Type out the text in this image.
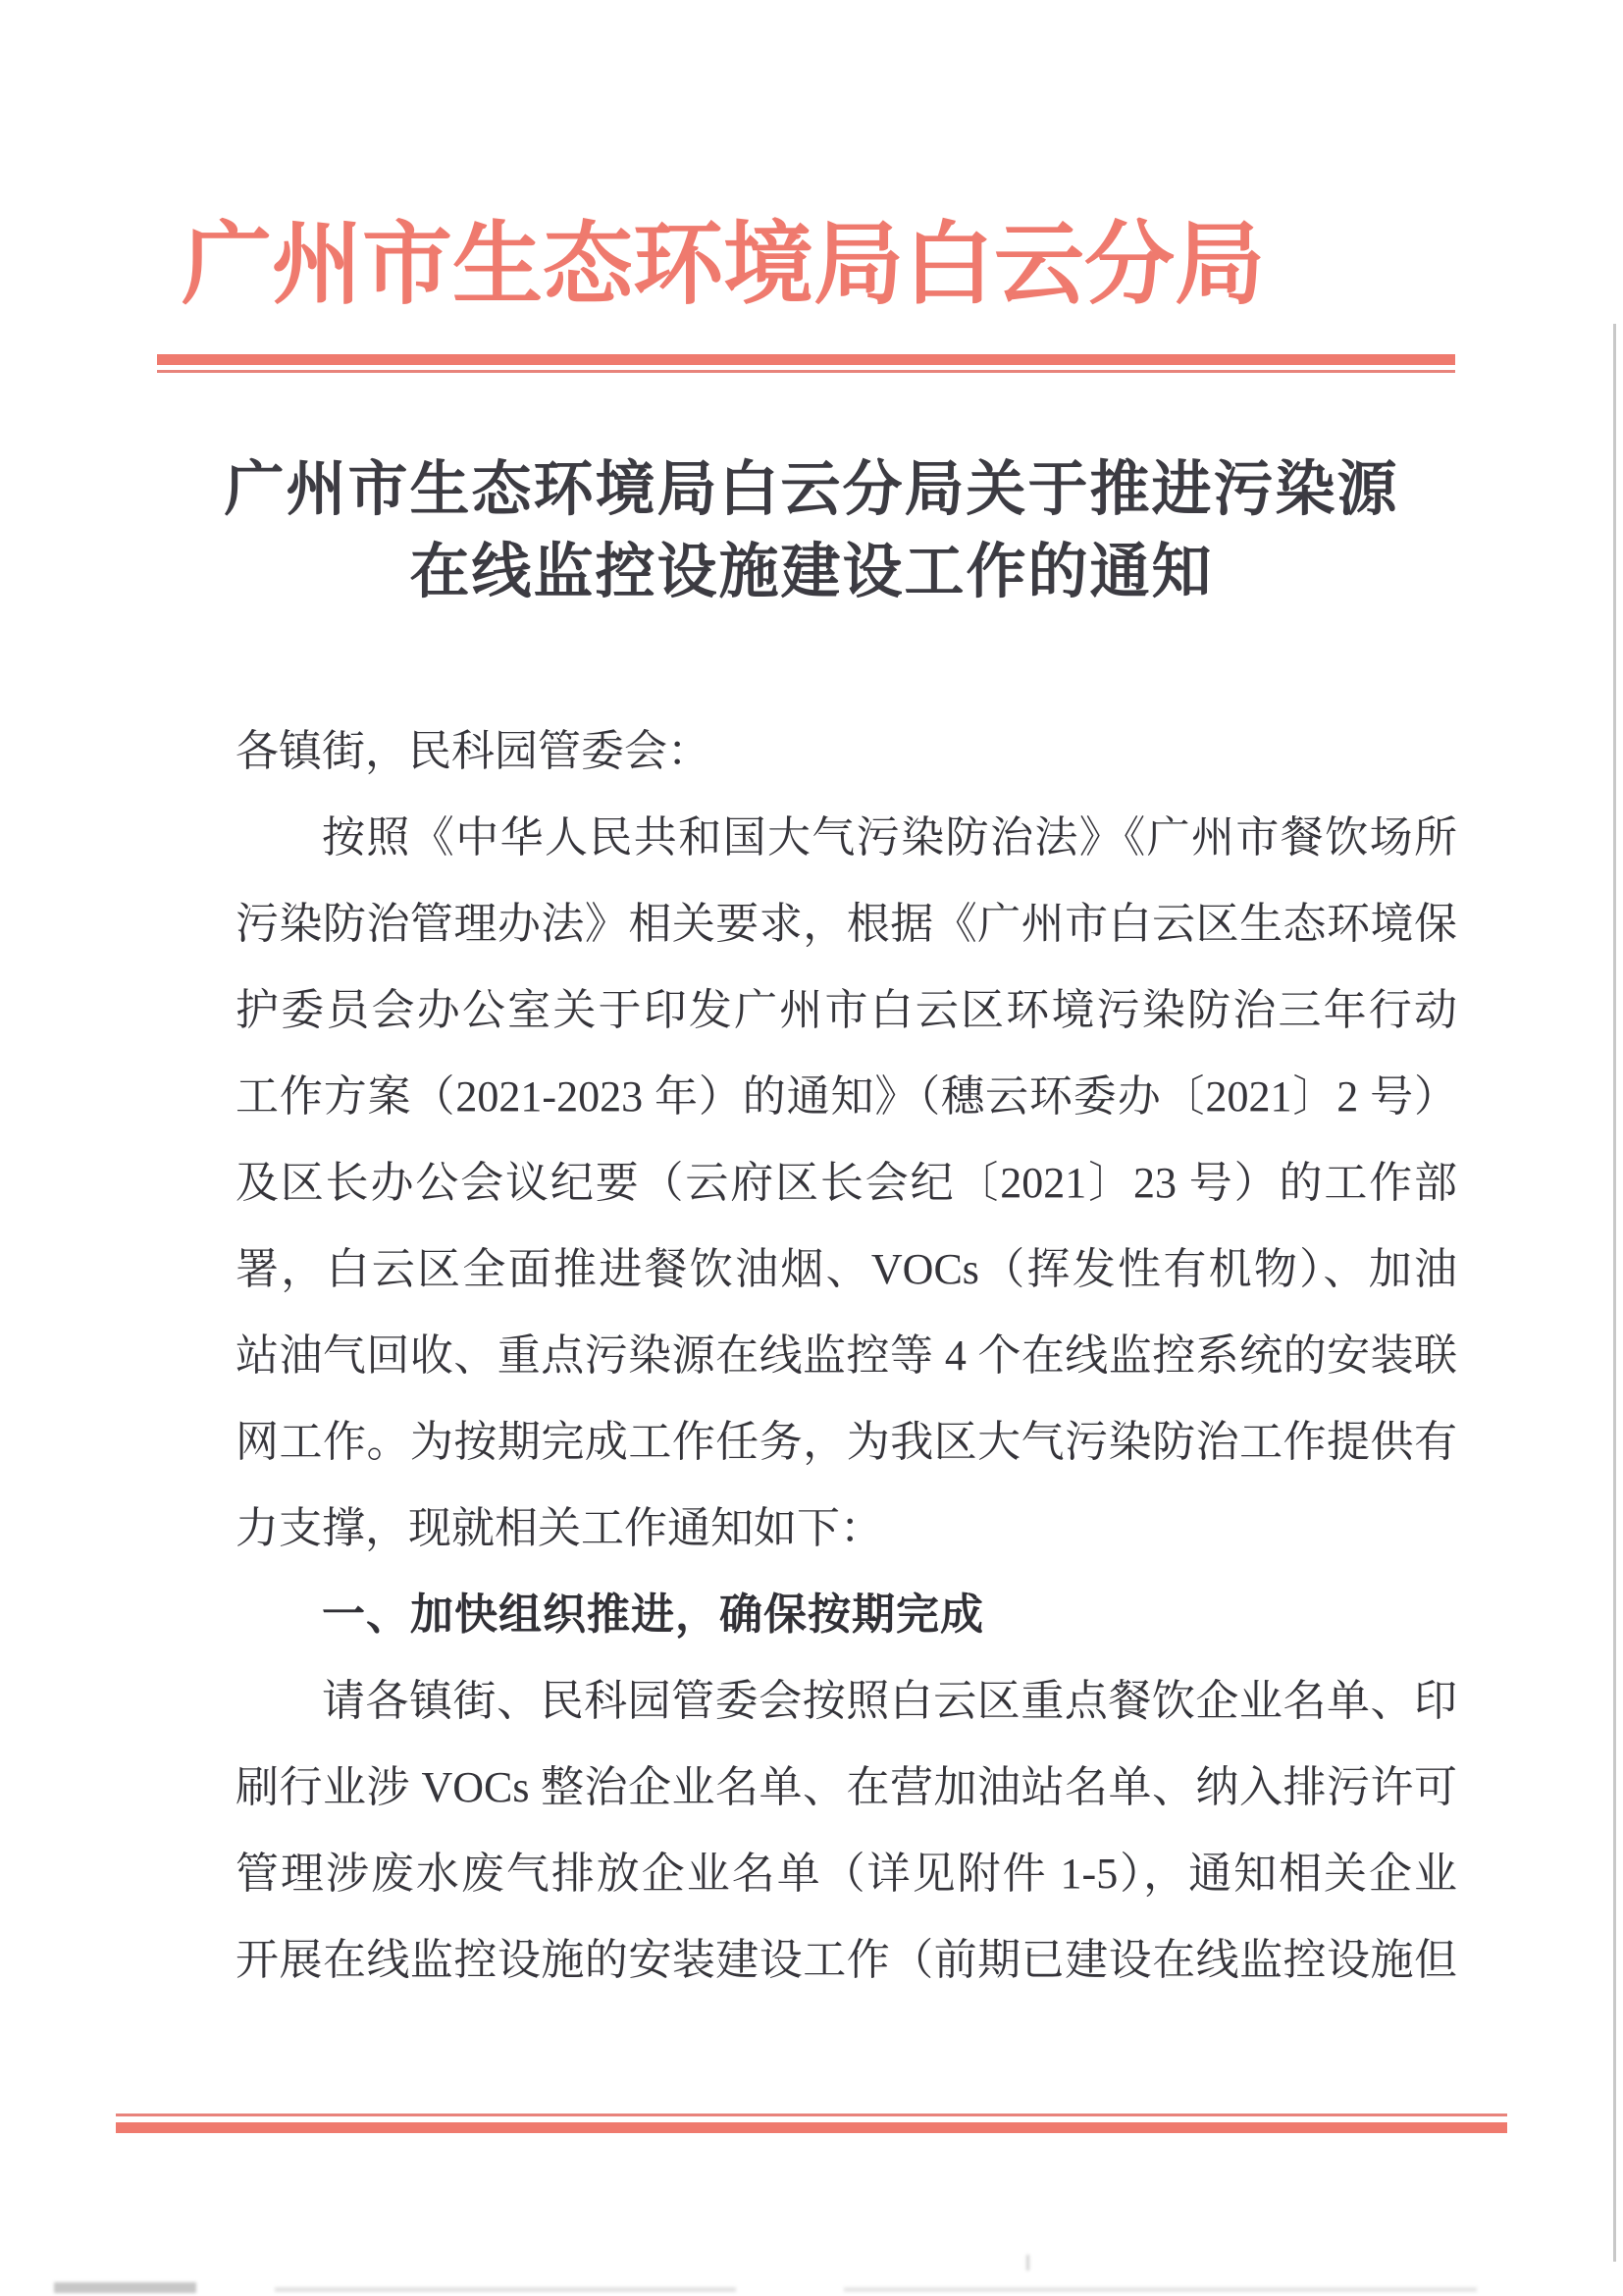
广州市生态环境局白云分局
广州市生态环境局白云分局关于推进污染源
在线监控设施建设工作的通知
各镇街，民科园管委会：
按照《中华人民共和国大气污染防治法》《广州市餐饮场所
污染防治管理办法》相关要求，根据《广州市白云区生态环境保
护委员会办公室关于印发广州市白云区环境污染防治三年行动
工作方案（2021-2023 年）的通知》（穗云环委办〔2021〕2 号）
及区长办公会议纪要（云府区长会纪〔2021〕23 号）的工作部
署，白云区全面推进餐饮油烟、VOCs（挥发性有机物）、加油
站油气回收、重点污染源在线监控等 4 个在线监控系统的安装联
网工作。为按期完成工作任务，为我区大气污染防治工作提供有
力支撑，现就相关工作通知如下：
一、加快组织推进，确保按期完成
请各镇街、民科园管委会按照白云区重点餐饮企业名单、印
刷行业涉 VOCs 整治企业名单、在营加油站名单、纳入排污许可
管理涉废水废气排放企业名单（详见附件 1-5），通知相关企业
开展在线监控设施的安装建设工作（前期已建设在线监控设施但
